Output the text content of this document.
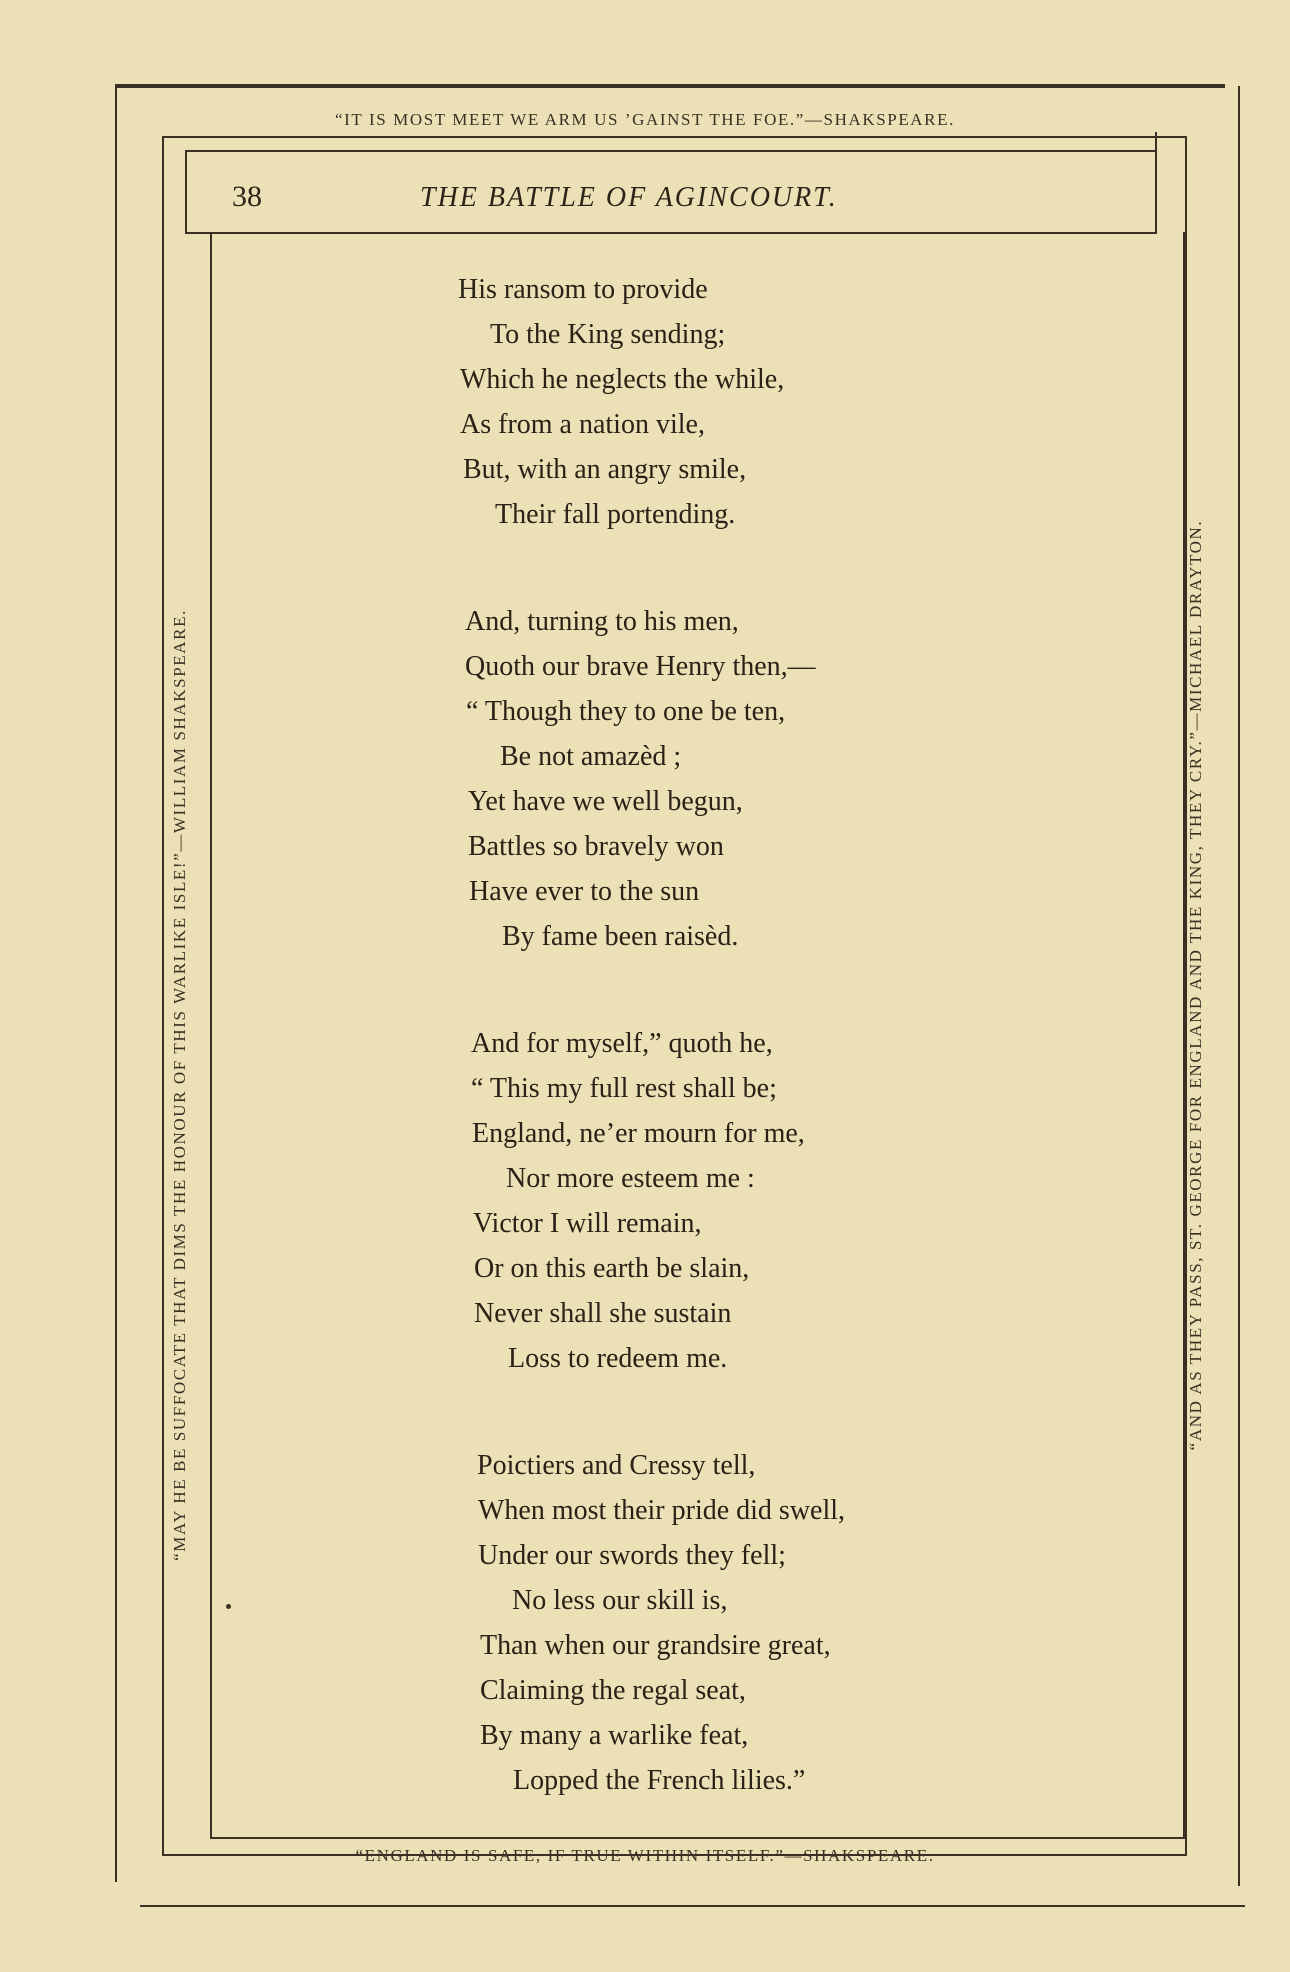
“IT IS MOST MEET WE ARM US ’GAINST THE FOE.”—SHAKSPEARE.
“ENGLAND IS SAFE, IF TRUE WITHIN ITSELF.”—SHAKSPEARE.
“MAY HE BE SUFFOCATE THAT DIMS THE HONOUR OF THIS WARLIKE ISLE!”—WILLIAM SHAKSPEARE.	“AND AS THEY PASS, ST. GEORGE FOR ENGLAND AND THE KING, THEY CRY.”—MICHAEL DRAYTON.
38	THE BATTLE OF AGINCOURT.
His ransom to provide
To the King sending;
Which he neglects the while,
As from a nation vile,
But, with an angry smile,
Their fall portending.
And, turning to his men,
Quoth our brave Henry then,—
“ Though they to one be ten,
Be not amazèd ;
Yet have we well begun,
Battles so bravely won
Have ever to the sun
By fame been raisèd.
And for myself,” quoth he,
“ This my full rest shall be;
England, ne’er mourn for me,
Nor more esteem me :
Victor I will remain,
Or on this earth be slain,
Never shall she sustain
Loss to redeem me.
Poictiers and Cressy tell,
When most their pride did swell,
Under our swords they fell;
No less our skill is,
Than when our grandsire great,
Claiming the regal seat,
By many a warlike feat,
Lopped the French lilies.”
